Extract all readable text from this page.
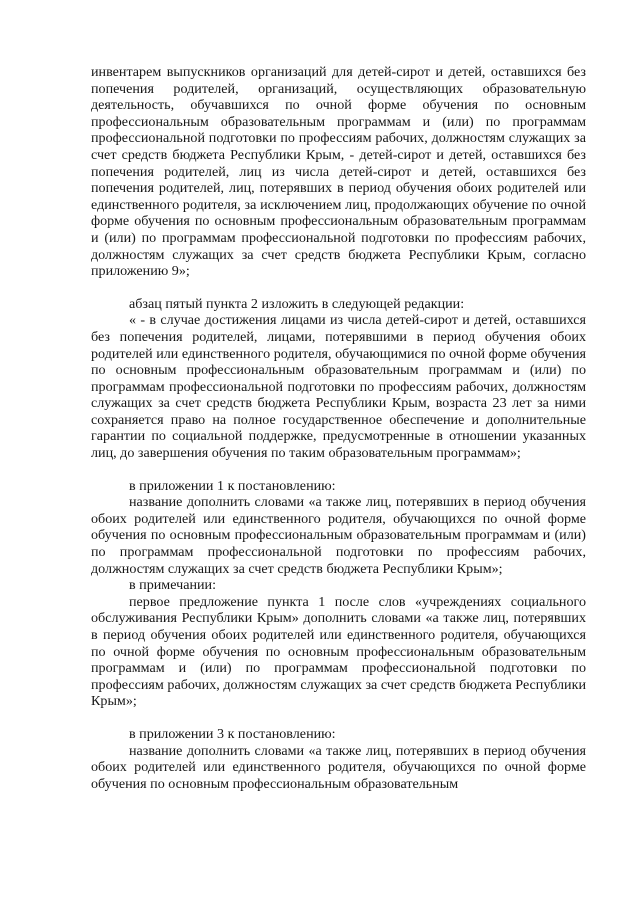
инвентарем выпускников организаций для детей-сирот и детей, оставшихся без попечения родителей, организаций, осуществляющих образовательную деятельность, обучавшихся по очной форме обучения по основным профессиональным образовательным программам и (или) по программам профессиональной подготовки по профессиям рабочих, должностям служащих за счет средств бюджета Республики Крым, - детей-сирот и детей, оставшихся без попечения родителей, лиц из числа детей-сирот и детей, оставшихся без попечения родителей, лиц, потерявших в период обучения обоих родителей или единственного родителя, за исключением лиц, продолжающих обучение по очной форме обучения по основным профессиональным образовательным программам и (или) по программам профессиональной подготовки по профессиям рабочих, должностям служащих за счет средств бюджета Республики Крым, согласно приложению 9»;

абзац пятый пункта 2 изложить в следующей редакции:

« - в случае достижения лицами из числа детей-сирот и детей, оставшихся без попечения родителей, лицами, потерявшими в период обучения обоих родителей или единственного родителя, обучающимися по очной форме обучения по основным профессиональным образовательным программам и (или) по программам профессиональной подготовки по профессиям рабочих, должностям служащих за счет средств бюджета Республики Крым, возраста 23 лет за ними сохраняется право на полное государственное обеспечение и дополнительные гарантии по социальной поддержке, предусмотренные в отношении указанных лиц, до завершения обучения по таким образовательным программам»;

в приложении 1 к постановлению:

название дополнить словами «а также лиц, потерявших в период обучения обоих родителей или единственного родителя, обучающихся по очной форме обучения по основным профессиональным образовательным программам и (или) по программам профессиональной подготовки по профессиям рабочих, должностям служащих за счет средств бюджета Республики Крым»;

в примечании:

первое предложение пункта 1 после слов «учреждениях социального обслуживания Республики Крым» дополнить словами «а также лиц, потерявших в период обучения обоих родителей или единственного родителя, обучающихся по очной форме обучения по основным профессиональным образовательным программам и (или) по программам профессиональной подготовки по профессиям рабочих, должностям служащих за счет средств бюджета Республики Крым»;

в приложении 3 к постановлению:

название дополнить словами «а также лиц, потерявших в период обучения обоих родителей или единственного родителя, обучающихся по очной форме обучения по основным профессиональным образовательным
